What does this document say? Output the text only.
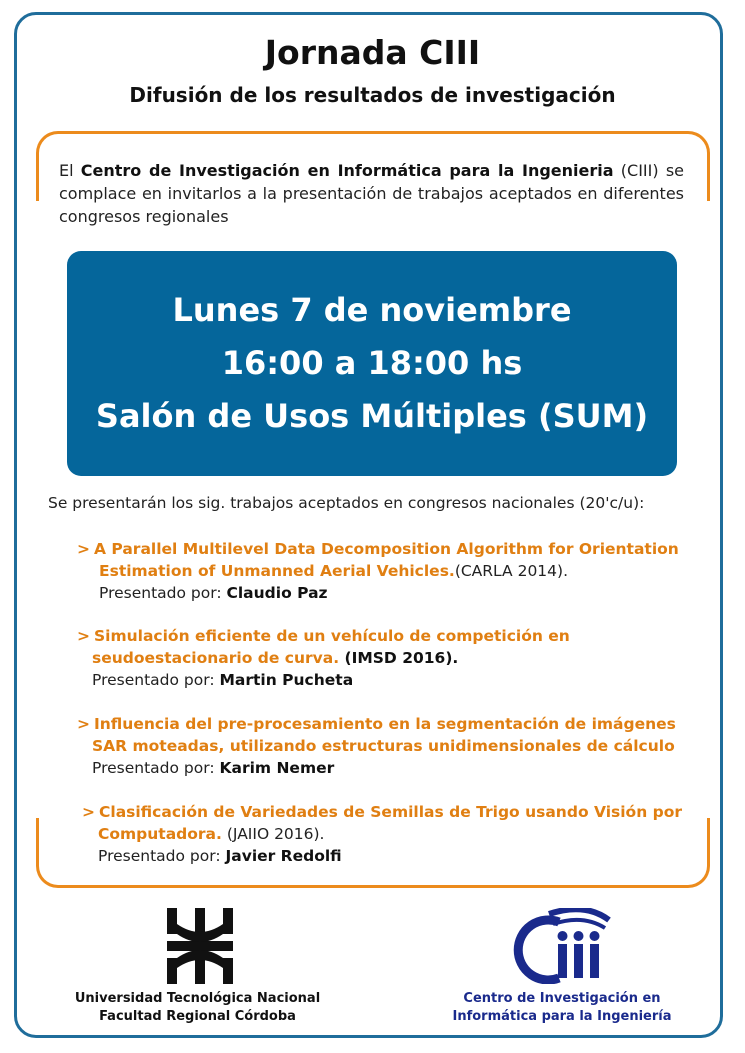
Jornada CIII
Difusión de los resultados de investigación
El Centro de Investigación en Informática para la Ingenieria (CIII) se complace en invitarlos a la presentación de trabajos aceptados en diferentes congresos regionales
Lunes 7 de noviembre
16:00 a 18:00 hs
Salón de Usos Múltiples (SUM)
Se presentarán los sig. trabajos aceptados en congresos nacionales (20'c/u):
> A Parallel Multilevel Data Decomposition Algorithm for Orientation
Estimation of Unmanned Aerial Vehicles.(CARLA 2014).
Presentado por: Claudio Paz
> Simulación eficiente de un vehículo de competición en
seudoestacionario de curva. (IMSD 2016).
Presentado por: Martin Pucheta
> Influencia del pre-procesamiento en la segmentación de imágenes
SAR moteadas, utilizando estructuras unidimensionales de cálculo
Presentado por: Karim Nemer
> Clasificación de Variedades de Semillas de Trigo usando Visión por
Computadora. (JAIIO 2016).
Presentado por: Javier Redolfi
Universidad Tecnológica Nacional
Facultad Regional Córdoba
Centro de Investigación en
Informática para la Ingeniería
